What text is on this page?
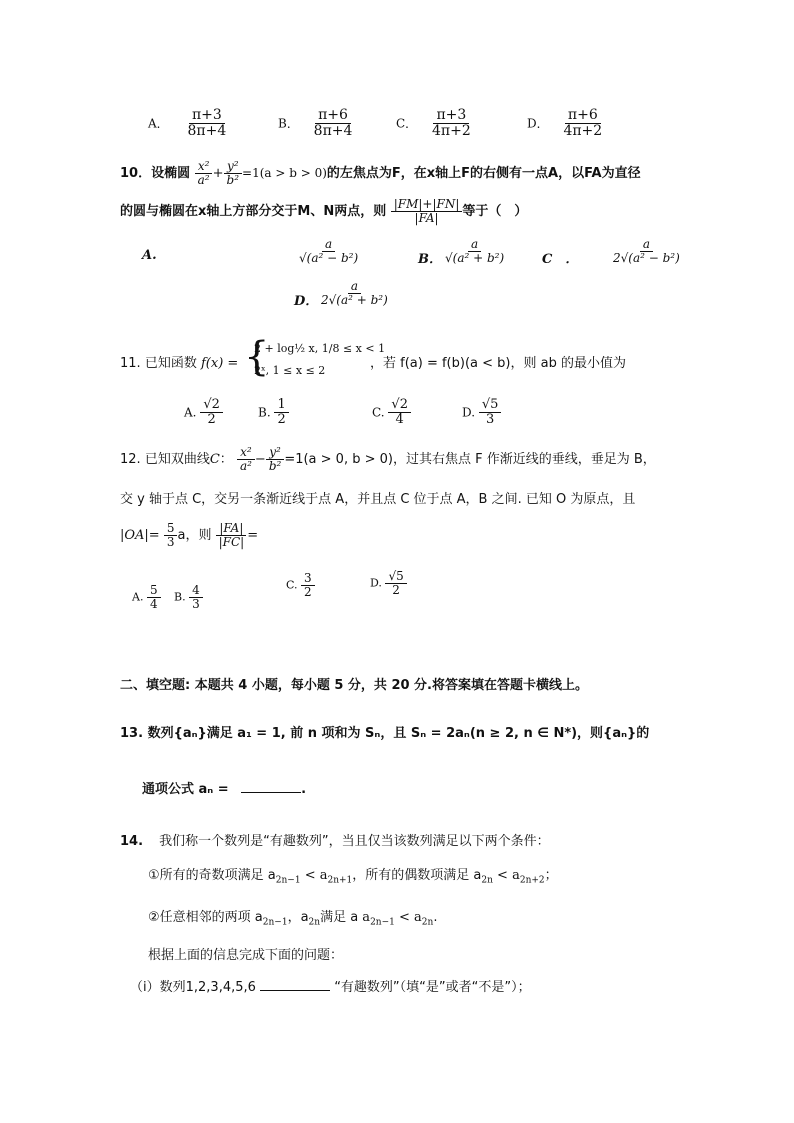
A． $\frac{\pi+3}{8\pi+4}$	B． $\frac{\pi+6}{8\pi+4}$	C． $\frac{\pi+3}{4\pi+2}$	D． $\frac{\pi+6}{4\pi+2}$
10．设椭圆 $\frac{\text{x²}}{\text{a²}} + \frac{\text{y²}}{\text{b²}} =1(a > b > 0)$的左焦点为F，在x轴上F的右侧有一点A，以FA为直径
的圆与椭圆在x轴上方部分交于M、N两点，则 $\frac{|FM|+|FN|}{|FA|}$ 等于（　）
A.	$\frac{a}{\text{√(a² − b²)}}$	B． $\frac{a}{\text{√(a² + b²)}}$	C　．	$\frac{a}{\text{2√(a² − b²)}}$
D． $\frac{a}{\text{2√(a² + b²)}}$
11. 已知函数 f(x) = {
2 + log½ x, 1/8 ≤ x < 1
2ˣ, 1 ≤ x ≤ 2	，若 f(a) = f(b)(a < b)，则 ab 的最小值为
A. $\frac{√2}{2}$	B. $\frac{1}{2}$	C. $\frac{√2}{4}$	D. $\frac{√5}{3}$
12. 已知双曲线C： $\frac{\text{x²}}{\text{a²}} - \frac{\text{y²}}{\text{b²}} =1(a > 0$, b > 0)，过其右焦点 F 作渐近线的垂线，垂足为 B，
交 y 轴于点 C，交另一条渐近线于点 A，并且点 C 位于点 A，B 之间. 已知 O 为原点，且
$|OA|= \frac{5}{3}$ a，则 $\frac{|FA|}{|FC|}$ =
A. $\frac{5}{4} B$. $\frac{4}{3}$	C. $\frac{3}{2}$	D. $\frac{√5}{2}$
二、填空题: 本题共 4 小题，每小题 5 分，共 20 分.将答案填在答题卡横线上。
13. 数列{aₙ}满足 a₁ = 1, 前 n 项和为 Sₙ，且 Sₙ = 2aₙ(n ≥ 2, n ∈ N*)，则{aₙ}的
通项公式 aₙ =	.
14. 我们称一个数列是“有趣数列”，当且仅当该数列满足以下两个条件：
①所有的奇数项满足 $a_{2n-1} < a_{2n+1}$，所有的偶数项满足 $a_{2n} < a_{2n+2}$；
②任意相邻的两项 $a_{2n-1}$，$a_{2n}$满足 a $a_{2n-1} < a_{2n}$.
根据上面的信息完成下面的问题：
（i）数列1,2,3,4,5,6	“有趣数列”（填“是”或者“不是”）；
